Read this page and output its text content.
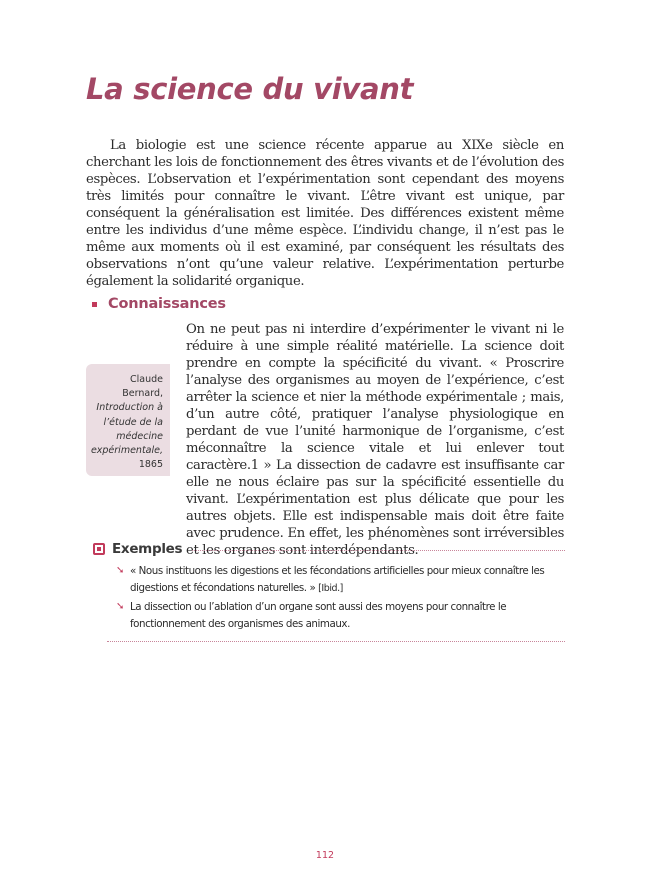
La science du vivant

La biologie est une science récente apparue au XIXe siècle en cherchant les lois de fonctionnement des êtres vivants et de l’évolution des espèces. L’observation et l’expérimentation sont cependant des moyens très limités pour connaître le vivant. L’être vivant est unique, par conséquent la généralisation est limitée. Des différences existent même entre les individus d’une même espèce. L’individu change, il n’est pas le même aux moments où il est examiné, par conséquent les résultats des observations n’ont qu’une valeur relative. L’expérimentation perturbe également la solidarité organique.

Connaissances

On ne peut pas ni interdire d’expérimenter le vivant ni le réduire à une simple réalité matérielle. La science doit prendre en compte la spécificité du vivant. « Proscrire l’analyse des organismes au moyen de l’expérience, c’est arrêter la science et nier la méthode expérimentale ; mais, d’un autre côté, pratiquer l’analyse physiologique en perdant de vue l’unité harmonique de l’organisme, c’est méconnaître la science vitale et lui enlever tout caractère.1 » La dissection de cadavre est insuffisante car elle ne nous éclaire pas sur la spécificité essentielle du vivant. L’expérimentation est plus délicate que pour les autres objets. Elle est indispensable mais doit être faite avec prudence. En effet, les phénomènes sont irréversibles et les organes sont interdépendants.

Claude
Bernard,
Introduction à l’étude de la médecine expérimentale,
1865
Exemples
➘ « Nous instituons les digestions et les fécondations artificielles pour mieux connaître les digestions et fécondations naturelles. » [Ibid.]
➘ La dissection ou l’ablation d’un organe sont aussi des moyens pour connaître le fonctionnement des organismes des animaux.
112
